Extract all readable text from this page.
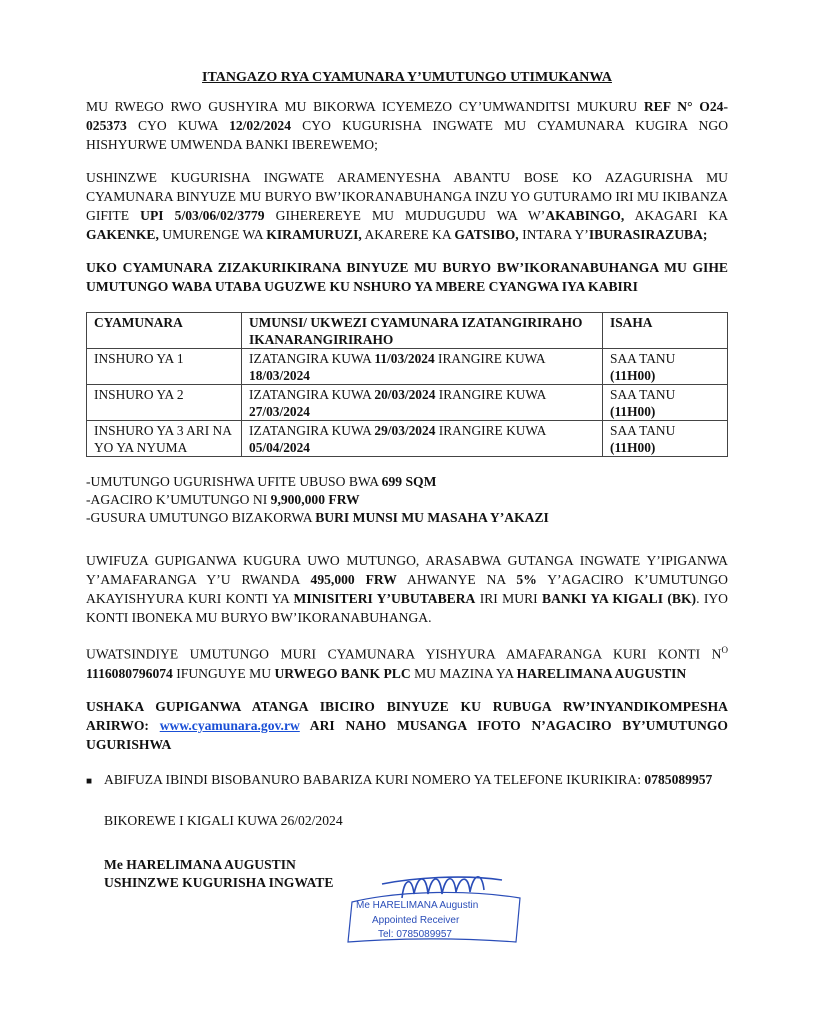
ITANGAZO RYA CYAMUNARA Y’UMUTUNGO UTIMUKANWA

MU RWEGO RWO GUSHYIRA MU BIKORWA ICYEMEZO CY’UMWANDITSI MUKURU REF N° O24-025373 CYO KUWA 12/02/2024 CYO KUGURISHA INGWATE MU CYAMUNARA KUGIRA NGO HISHYURWE UMWENDA BANKI IBEREWEMO;

USHINZWE KUGURISHA INGWATE ARAMENYESHA ABANTU BOSE KO AZAGURISHA MU CYAMUNARA BINYUZE MU BURYO BW’IKORANABUHANGA INZU YO GUTURAMO IRI MU IKIBANZA GIFITE UPI 5/03/06/02/3779 GIHEREREYE MU MUDUGUDU WA W’AKABINGO, AKAGARI KA GAKENKE, UMURENGE WA KIRAMURUZI, AKARERE KA GATSIBO, INTARA Y’IBURASIRAZUBA;

UKO CYAMUNARA ZIZAKURIKIRANA BINYUZE MU BURYO BW’IKORANABUHANGA MU GIHE UMUTUNGO WABA UTABA UGUZWE KU NSHURO YA MBERE CYANGWA IYA KABIRI

CYAMUNARA	UMUNSI/ UKWEZI CYAMUNARA IZATANGIRIRAHO IKANARANGIRIRAHO	ISAHA
INSHURO YA 1	IZATANGIRA KUWA 11/03/2024 IRANGIRE KUWA 18/03/2024	SAA TANU
(11H00)
INSHURO YA 2	IZATANGIRA KUWA 20/03/2024 IRANGIRE KUWA 27/03/2024	SAA TANU
(11H00)
INSHURO YA 3 ARI NA YO YA NYUMA	IZATANGIRA KUWA 29/03/2024 IRANGIRE KUWA 05/04/2024	SAA TANU
(11H00)
-UMUTUNGO UGURISHWA UFITE UBUSO BWA 699 SQM
-AGACIRO K’UMUTUNGO NI 9,900,000 FRW
-GUSURA UMUTUNGO BIZAKORWA BURI MUNSI MU MASAHA Y’AKAZI

UWIFUZA GUPIGANWA KUGURA UWO MUTUNGO, ARASABWA GUTANGA INGWATE Y’IPIGANWA Y’AMAFARANGA Y’U RWANDA 495,000 FRW AHWANYE NA 5% Y’AGACIRO K’UMUTUNGO AKAYISHYURA KURI KONTI YA MINISITERI Y’UBUTABERA IRI MURI BANKI YA KIGALI (BK). IYO KONTI IBONEKA MU BURYO BW’IKORANABUHANGA.

UWATSINDIYE UMUTUNGO MURI CYAMUNARA YISHYURA AMAFARANGA KURI KONTI $N^O$ 1116080796074 IFUNGUYE MU URWEGO BANK PLC MU MAZINA YA HARELIMANA AUGUSTIN

USHAKA GUPIGANWA ATANGA IBICIRO BINYUZE KU RUBUGA RW’INYANDIKOMPESHA ARIRWO: www.cyamunara.gov.rw ARI NAHO MUSANGA IFOTO N’AGACIRO BY’UMUTUNGO UGURISHWA

■ ABIFUZA IBINDI BISOBANURO BABARIZA KURI NOMERO YA TELEFONE IKURIKIRA: 0785089957
BIKOREWE I KIGALI KUWA 26/02/2024
Me HARELIMANA AUGUSTIN
USHINZWE KUGURISHA INGWATE
Me HARELIMANA Augustin
Appointed Receiver
Tel: 0785089957
